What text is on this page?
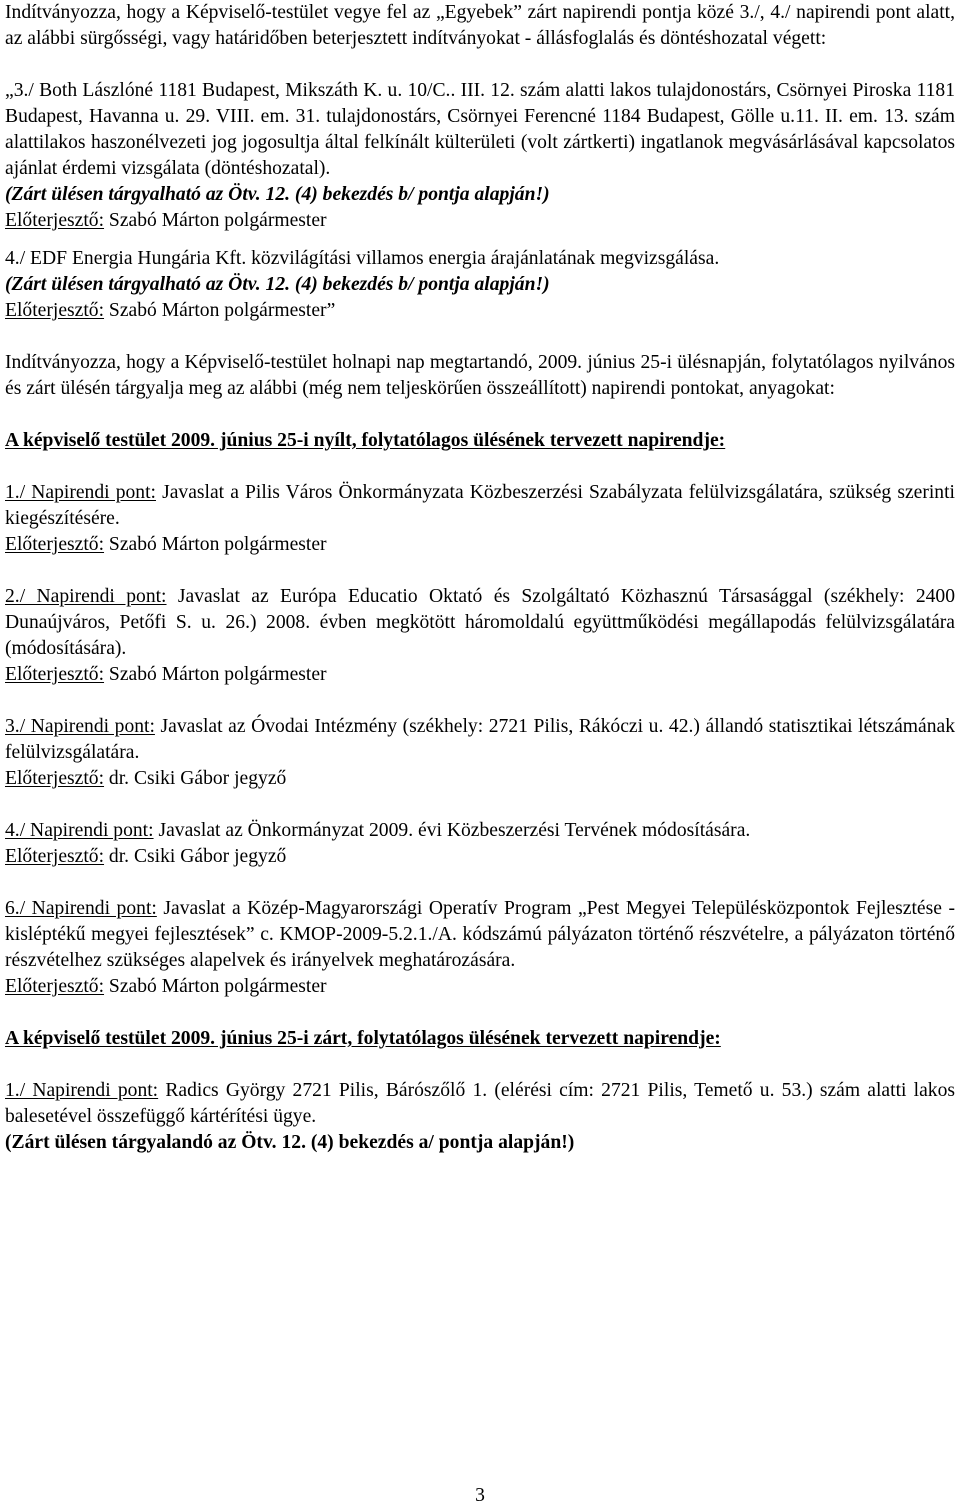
Indítványozza, hogy a Képviselő-testület vegye fel az „Egyebek” zárt napirendi pontja közé 3./, 4./ napirendi pont alatt, az alábbi sürgősségi, vagy határidőben beterjesztett indítványokat - állásfoglalás és döntéshozatal végett:

„3./ Both Lászlóné 1181 Budapest, Mikszáth K. u. 10/C.. III. 12. szám alatti lakos tulajdonostárs, Csörnyei Piroska 1181 Budapest, Havanna u. 29. VIII. em. 31. tulajdonostárs, Csörnyei Ferencné 1184 Budapest, Gölle u.11. II. em. 13. szám alattilakos haszonélvezeti jog jogosultja által felkínált külterületi (volt zártkerti) ingatlanok megvásárlásával kapcsolatos ajánlat érdemi vizsgálata (döntéshozatal).

(Zárt ülésen tárgyalható az Ötv. 12. (4) bekezdés b/ pontja alapján!)

Előterjesztő: Szabó Márton polgármester

4./ EDF Energia Hungária Kft. közvilágítási villamos energia árajánlatának megvizsgálása.

(Zárt ülésen tárgyalható az Ötv. 12. (4) bekezdés b/ pontja alapján!)

Előterjesztő: Szabó Márton polgármester”

Indítványozza, hogy a Képviselő-testület holnapi nap megtartandó, 2009. június 25-i ülésnapján, folytatólagos nyilvános és zárt ülésén tárgyalja meg az alábbi (még nem teljeskörűen összeállított) napirendi pontokat, anyagokat:

A képviselő testület 2009. június 25-i nyílt, folytatólagos ülésének tervezett napirendje:

1./ Napirendi pont: Javaslat a Pilis Város Önkormányzata Közbeszerzési Szabályzata felülvizsgálatára, szükség szerinti kiegészítésére.

Előterjesztő: Szabó Márton polgármester

2./ Napirendi pont: Javaslat az Európa Educatio Oktató és Szolgáltató Közhasznú Társasággal (székhely: 2400 Dunaújváros, Petőfi S. u. 26.) 2008. évben megkötött háromoldalú együttműködési megállapodás felülvizsgálatára (módosítására).

Előterjesztő: Szabó Márton polgármester

3./ Napirendi pont: Javaslat az Óvodai Intézmény (székhely: 2721 Pilis, Rákóczi u. 42.) állandó statisztikai létszámának felülvizsgálatára.

Előterjesztő: dr. Csiki Gábor jegyző

4./ Napirendi pont: Javaslat az Önkormányzat 2009. évi Közbeszerzési Tervének módosítására.

Előterjesztő: dr. Csiki Gábor jegyző

6./ Napirendi pont: Javaslat a Közép-Magyarországi Operatív Program „Pest Megyei Településközpontok Fejlesztése - kisléptékű megyei fejlesztések” c. KMOP-2009-5.2.1./A. kódszámú pályázaton történő részvételre, a pályázaton történő részvételhez szükséges alapelvek és irányelvek meghatározására.

Előterjesztő: Szabó Márton polgármester

A képviselő testület 2009. június 25-i zárt, folytatólagos ülésének tervezett napirendje:

1./ Napirendi pont: Radics György 2721 Pilis, Bárószőlő 1. (elérési cím: 2721 Pilis, Temető u. 53.) szám alatti lakos balesetével összefüggő kártérítési ügye.

(Zárt ülésen tárgyalandó az Ötv. 12. (4) bekezdés a/ pontja alapján!)

3
